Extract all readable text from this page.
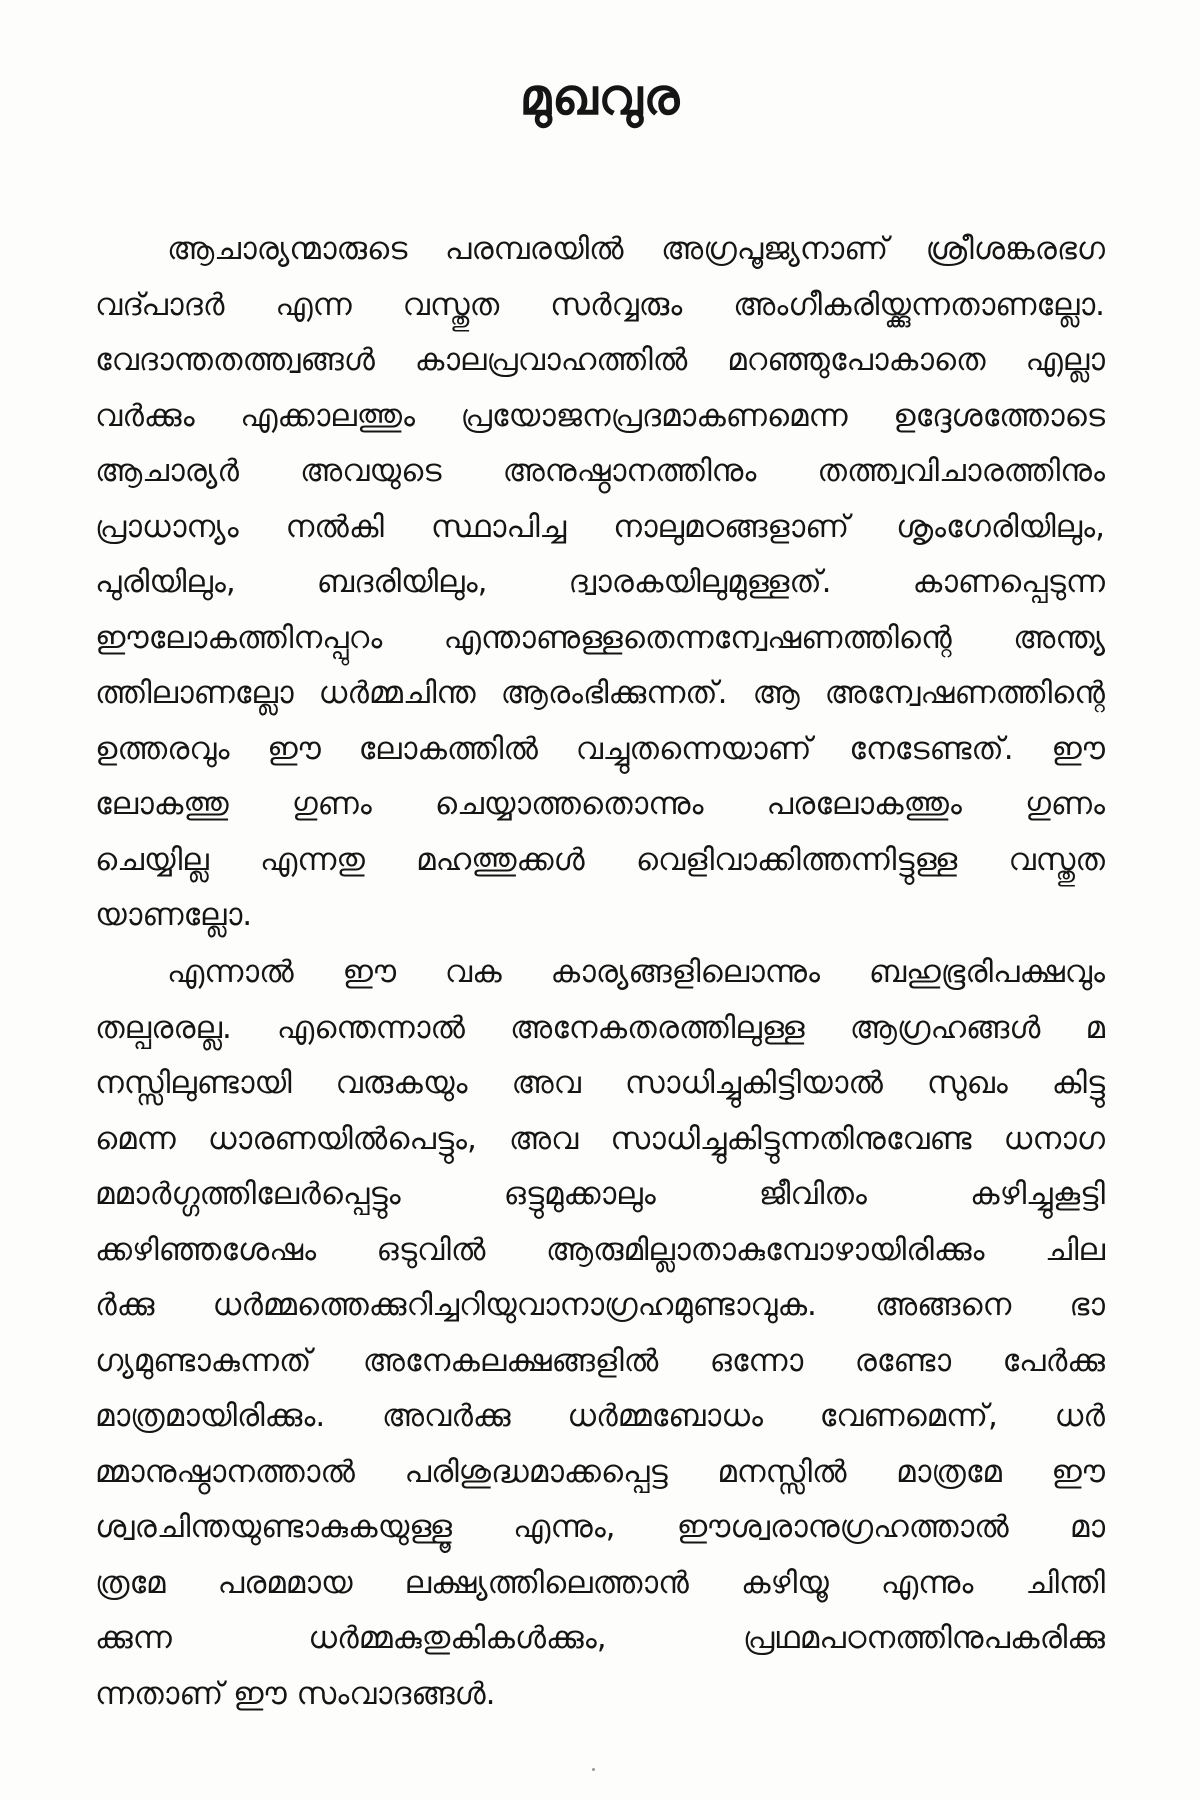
മുഖവുര
ആചാര്യന്മാരുടെ പരമ്പരയിൽ അഗ്രപൂജ്യനാണ് ശ്രീശങ്കരഭഗ
വദ്പാദർ എന്ന വസ്തുത സർവ്വരും അംഗീകരിയ്ക്കുന്നതാണല്ലോ.
വേദാന്തതത്ത്വങ്ങൾ കാലപ്രവാഹത്തിൽ മറഞ്ഞുപോകാതെ എല്ലാ
വർക്കും എക്കാലത്തും പ്രയോജനപ്രദമാകണമെന്ന ഉദ്ദേശത്തോടെ
ആചാര്യർ അവയുടെ അനുഷ്ഠാനത്തിനും തത്ത്വവിചാരത്തിനും
പ്രാധാന്യം നൽകി സ്ഥാപിച്ച നാലുമഠങ്ങളാണ് ശൃംഗേരിയിലും,
പുരിയിലും, ബദരിയിലും, ദ്വാരകയിലുമുള്ളത്. കാണപ്പെടുന്ന
ഈലോകത്തിനപ്പുറം എന്താണുള്ളതെന്നന്വേഷണത്തിന്റെ അന്ത്യ
ത്തിലാണല്ലോ ധർമ്മചിന്ത ആരംഭിക്കുന്നത്. ആ അന്വേഷണത്തിന്റെ
ഉത്തരവും ഈ ലോകത്തിൽ വച്ചുതന്നെയാണ് നേടേണ്ടത്. ഈ
ലോകത്തു ഗുണം ചെയ്യാത്തതൊന്നും പരലോകത്തും ഗുണം
ചെയ്യില്ല എന്നതു മഹത്തുക്കൾ വെളിവാക്കിത്തന്നിട്ടുള്ള വസ്തുത
യാണല്ലോ.
എന്നാൽ ഈ വക കാര്യങ്ങളിലൊന്നും ബഹുഭൂരിപക്ഷവും
തല്പരരല്ല. എന്തെന്നാൽ അനേകതരത്തിലുള്ള ആഗ്രഹങ്ങൾ മ
നസ്സിലുണ്ടായി വരുകയും അവ സാധിച്ചുകിട്ടിയാൽ സുഖം കിട്ടു
മെന്ന ധാരണയിൽപെട്ടും, അവ സാധിച്ചുകിട്ടുന്നതിനുവേണ്ട ധനാഗ
മമാർഗ്ഗത്തിലേർപ്പെട്ടും ഒട്ടുമുക്കാലും ജീവിതം കഴിച്ചുകൂട്ടി
ക്കഴിഞ്ഞശേഷം ഒടുവിൽ ആരുമില്ലാതാകുമ്പോഴായിരിക്കും ചില
ർക്കു ധർമ്മത്തെക്കുറിച്ചറിയുവാനാഗ്രഹമുണ്ടാവുക. അങ്ങനെ ഭാ
ഗ്യമുണ്ടാകുന്നത് അനേകലക്ഷങ്ങളിൽ ഒന്നോ രണ്ടോ പേർക്കു
മാത്രമായിരിക്കും. അവർക്കു ധർമ്മബോധം വേണമെന്ന്, ധർ
മ്മാനുഷ്ഠാനത്താൽ പരിശുദ്ധമാക്കപ്പെട്ട മനസ്സിൽ മാത്രമേ ഈ
ശ്വരചിന്തയുണ്ടാകുകയുള്ളൂ എന്നും, ഈശ്വരാനുഗ്രഹത്താൽ മാ
ത്രമേ പരമമായ ലക്ഷ്യത്തിലെത്താൻ കഴിയൂ എന്നും ചിന്തി
ക്കുന്ന ധർമ്മകുതുകികൾക്കും, പ്രഥമപഠനത്തിനുപകരിക്കു
ന്നതാണ് ഈ സംവാദങ്ങൾ.
